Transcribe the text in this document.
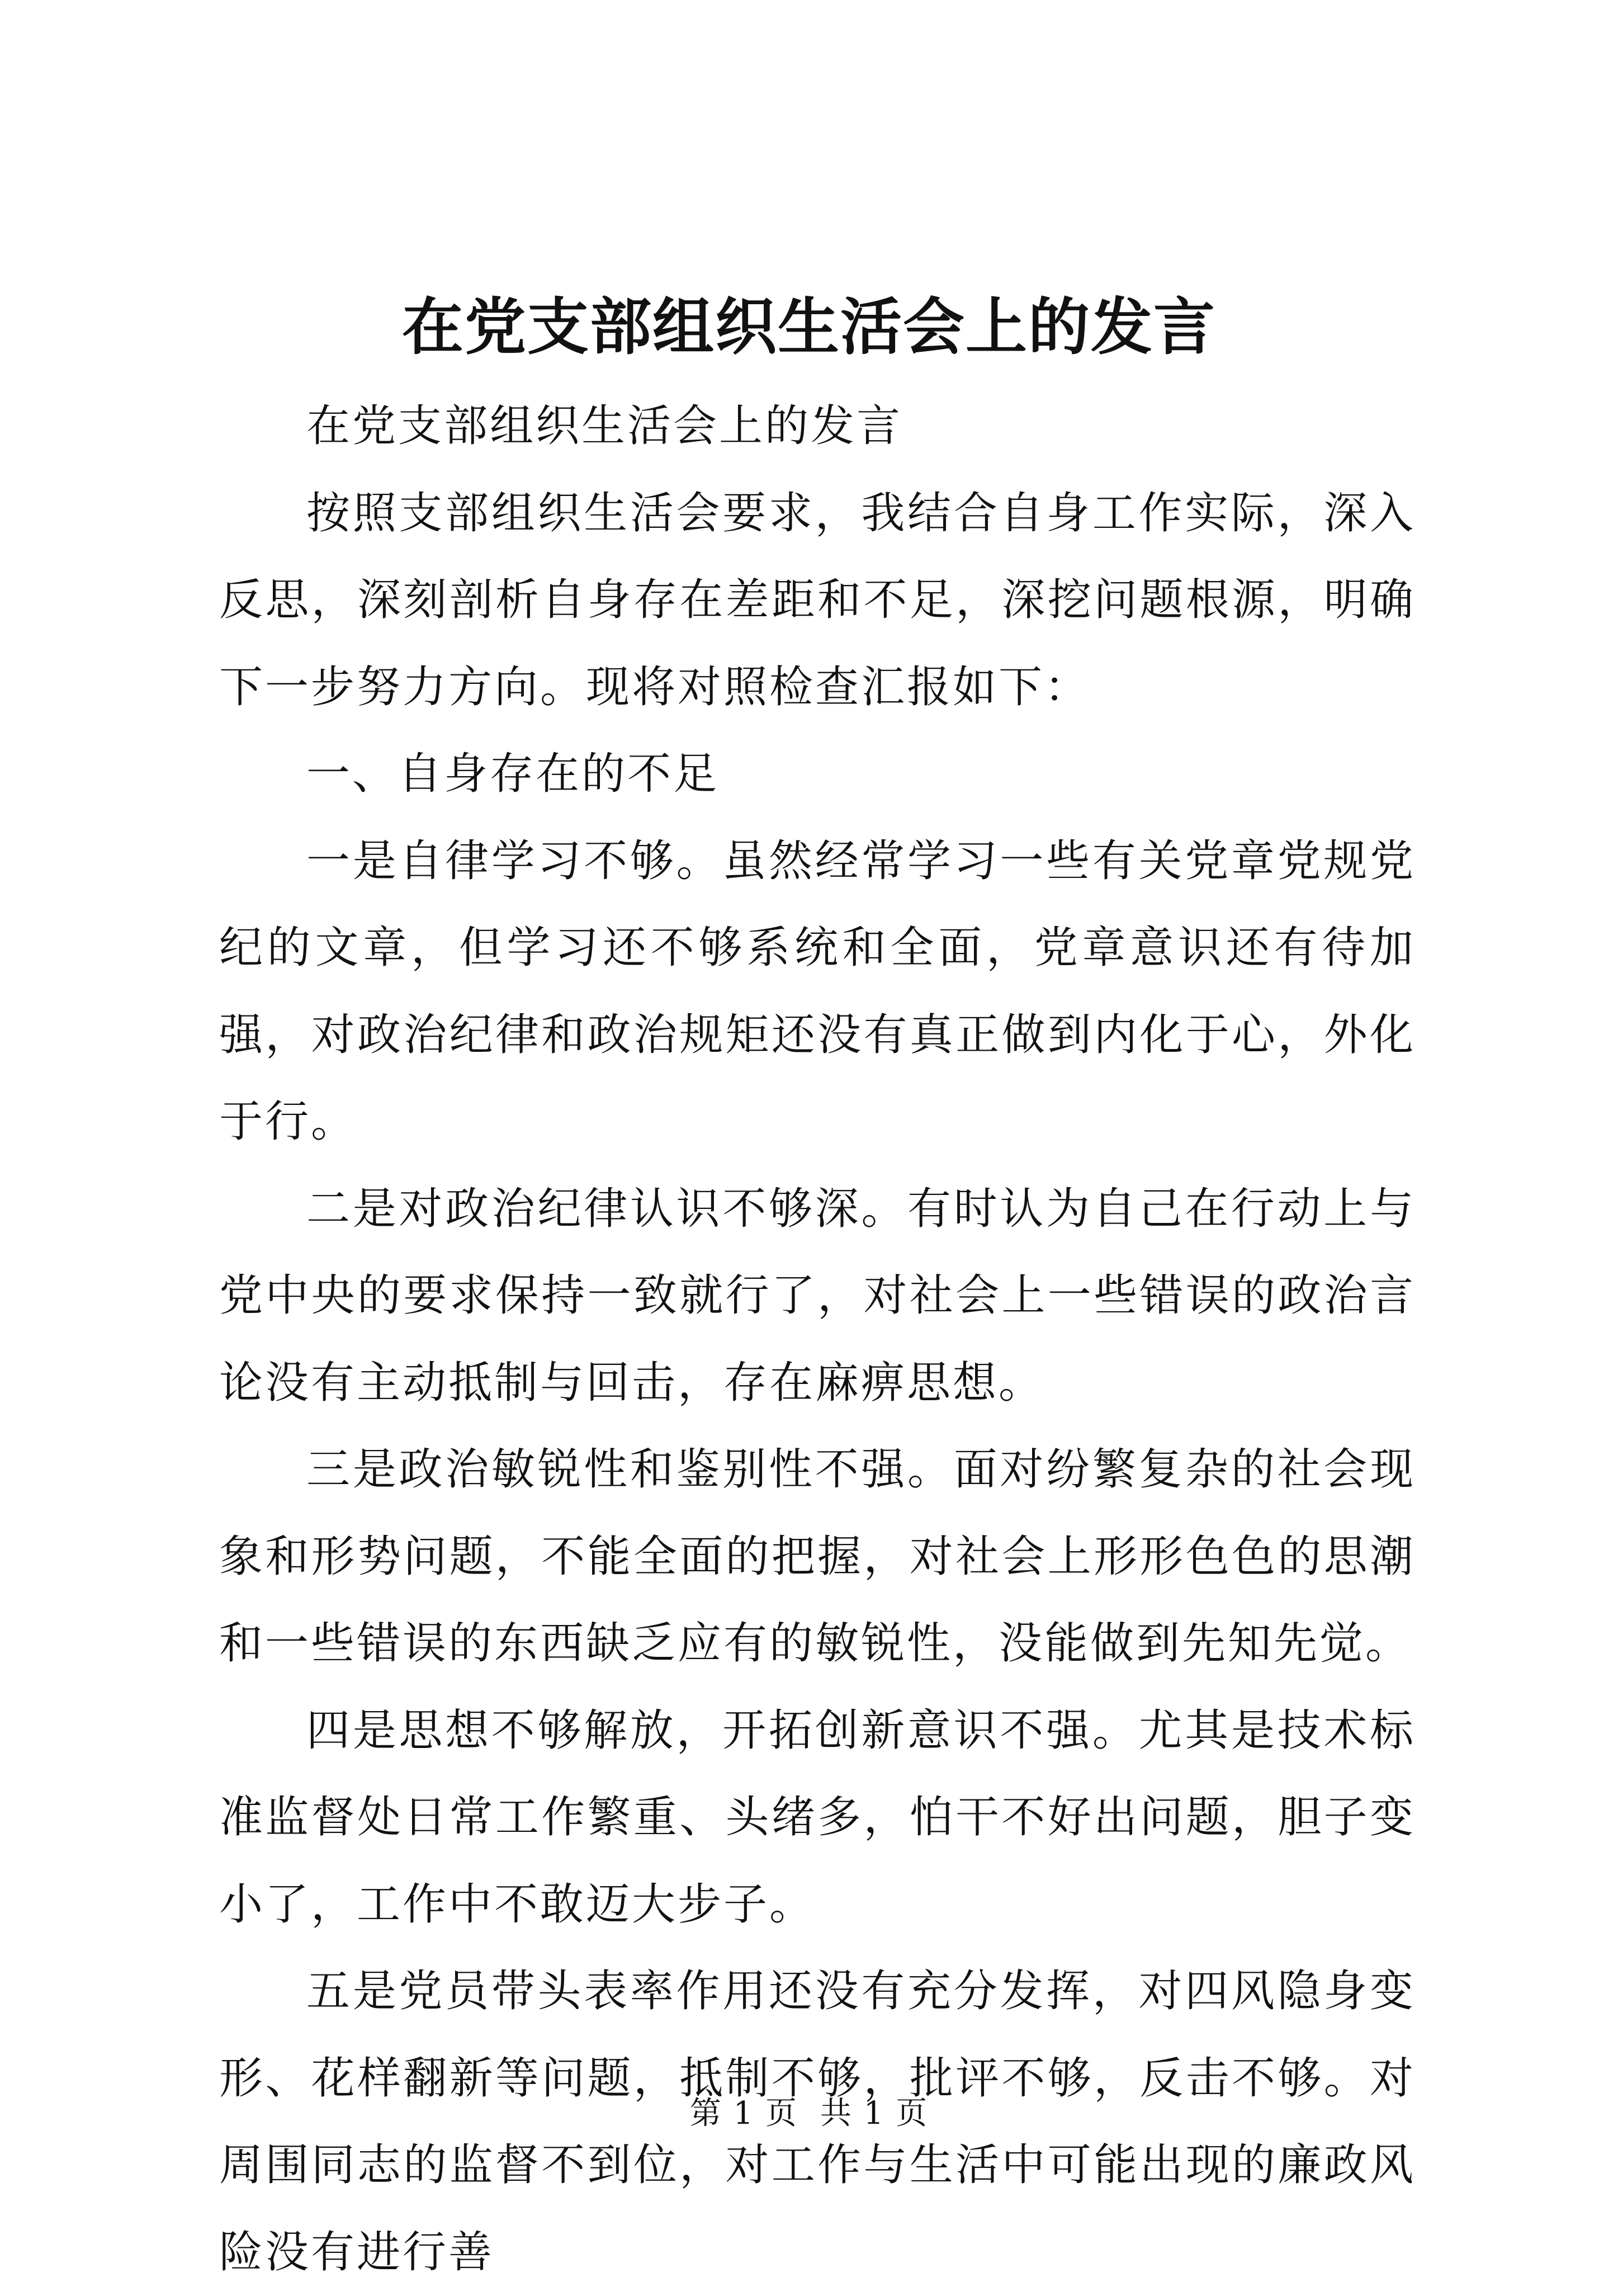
在党支部组织生活会上的发言

在党支部组织生活会上的发言

按照支部组织生活会要求，我结合自身工作实际，深入反思，深刻剖析自身存在差距和不足，深挖问题根源，明确下一步努力方向。现将对照检查汇报如下：

一、自身存在的不足

一是自律学习不够。虽然经常学习一些有关党章党规党纪的文章，但学习还不够系统和全面，党章意识还有待加强，对政治纪律和政治规矩还没有真正做到内化于心，外化于行。

二是对政治纪律认识不够深。有时认为自己在行动上与党中央的要求保持一致就行了，对社会上一些错误的政治言论没有主动抵制与回击，存在麻痹思想。

三是政治敏锐性和鉴别性不强。面对纷繁复杂的社会现象和形势问题，不能全面的把握，对社会上形形色色的思潮和一些错误的东西缺乏应有的敏锐性，没能做到先知先觉。

四是思想不够解放，开拓创新意识不强。尤其是技术标准监督处日常工作繁重、头绪多，怕干不好出问题，胆子变小了，工作中不敢迈大步子。

五是党员带头表率作用还没有充分发挥，对四风隐身变形、花样翻新等问题，抵制不够，批评不够，反击不够。对周围同志的监督不到位，对工作与生活中可能出现的廉政风险没有进行善

第 1 页 共 1 页
